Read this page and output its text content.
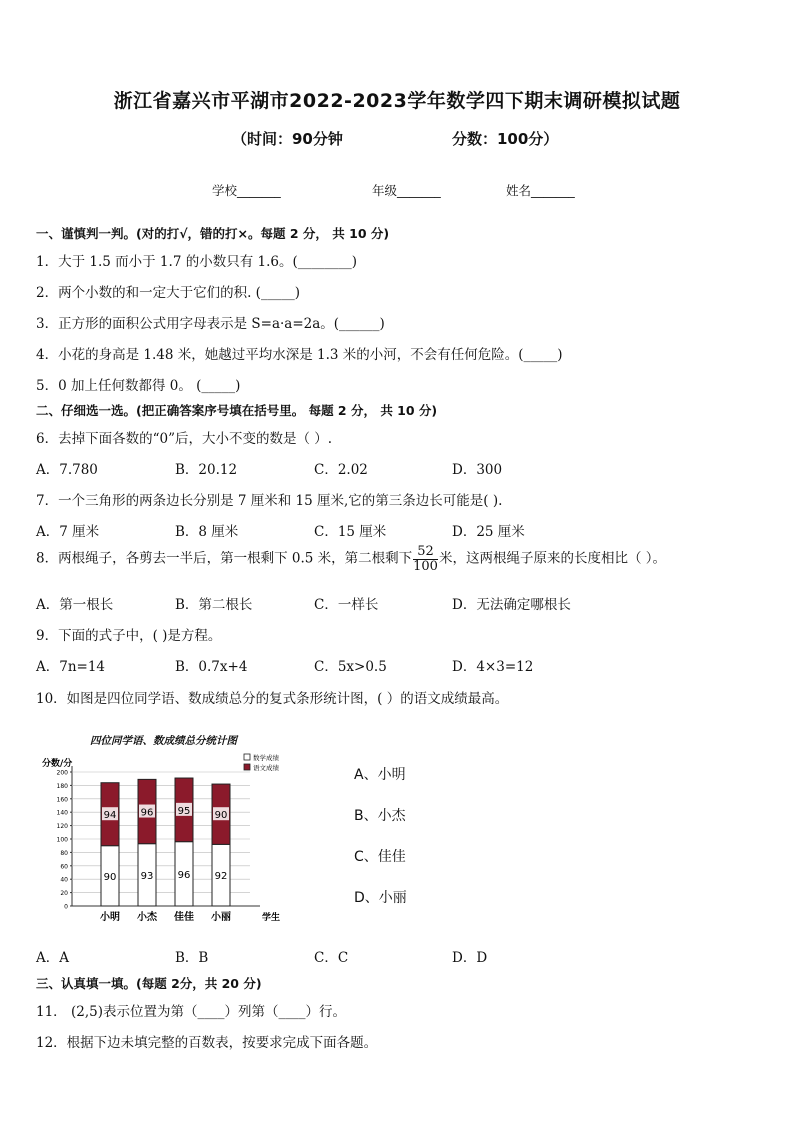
浙江省嘉兴市平湖市2022-2023学年数学四下期末调研模拟试题
（时间：90分钟	分数：100分）
学校_______	年级_______	姓名_______
一、谨慎判一判。(对的打√，错的打×。每题 2 分， 共 10 分)
1．大于 1.5 而小于 1.7 的小数只有 1.6。(________)
2．两个小数的和一定大于它们的积. (_____)
3．正方形的面积公式用字母表示是 S=a·a=2a。(______)
4．小花的身高是 1.48 米，她越过平均水深是 1.3 米的小河，不会有任何危险。(_____)
5．0 加上任何数都得 0。 (_____)
二、仔细选一选。(把正确答案序号填在括号里。 每题 2 分， 共 10 分)
6．去掉下面各数的“0”后，大小不变的数是（ ）.
A．7.780	B．20.12	C．2.02	D．300
7．一个三角形的两条边长分别是 7 厘米和 15 厘米,它的第三条边长可能是( ).
A．7 厘米	B．8 厘米	C．15 厘米	D．25 厘米
8．两根绳子，各剪去一半后，第一根剩下 0.5 米，第二根剩下 $\frac{52}{100}$ 米，这两根绳子原来的长度相比（ ）。
A．第一根长	B．第二根长	C．一样长	D．无法确定哪根长
9．下面的式子中，( )是方程。
A．7n=14	B．0.7x+4	C．5x>0.5	D．4×3=12
10．如图是四位同学语、数成绩总分的复式条形统计图，( ）的语文成绩最高。
四位同学语、数成绩总分统计图
分数/分
0
20
40
60
80
100
120
140
160
180
200
90
94
小明
93
96
小杰
96
95
佳佳
92
90
小丽	学生
数学成绩
语文成绩	A、小明
B、小杰
C、佳佳
D、小丽
A．A	B．B	C．C	D．D
三、认真填一填。(每题 2分，共 20 分)
11． (2,5)表示位置为第（____）列第（____）行。
12．根据下边未填完整的百数表，按要求完成下面各题。
